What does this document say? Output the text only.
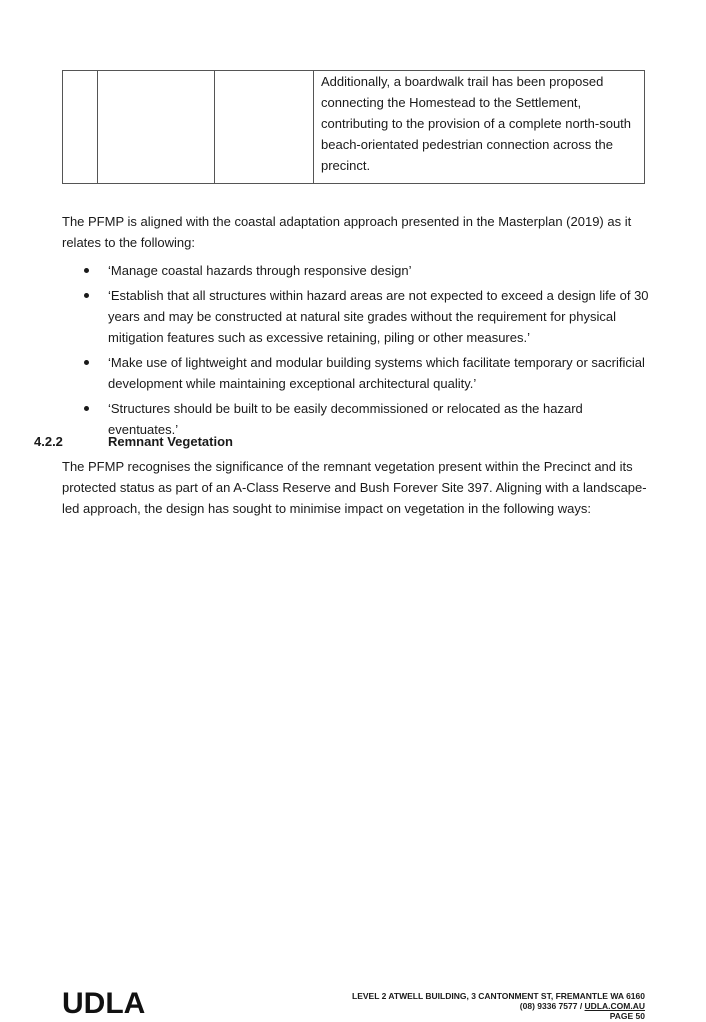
Additionally, a boardwalk trail has been proposed
connecting the Homestead to the Settlement,
contributing to the provision of a complete north-south
beach-orientated pedestrian connection across the
precinct.
The PFMP is aligned with the coastal adaptation approach presented in the Masterplan (2019) as it
relates to the following:
‘Manage coastal hazards through responsive design’
‘Establish that all structures within hazard areas are not expected to exceed a design life of 30
years and may be constructed at natural site grades without the requirement for physical
mitigation features such as excessive retaining, piling or other measures.’
‘Make use of lightweight and modular building systems which facilitate temporary or sacrificial
development while maintaining exceptional architectural quality.’
‘Structures should be built to be easily decommissioned or relocated as the hazard eventuates.’
4.2.2	Remnant Vegetation
The PFMP recognises the significance of the remnant vegetation present within the Precinct and its
protected status as part of an A-Class Reserve and Bush Forever Site 397. Aligning with a landscape-
led approach, the design has sought to minimise impact on vegetation in the following ways:
UDLA	LEVEL 2 ATWELL BUILDING, 3 CANTONMENT ST, FREMANTLE WA 6160
(08) 9336 7577 / UDLA.COM.AU
PAGE 50
